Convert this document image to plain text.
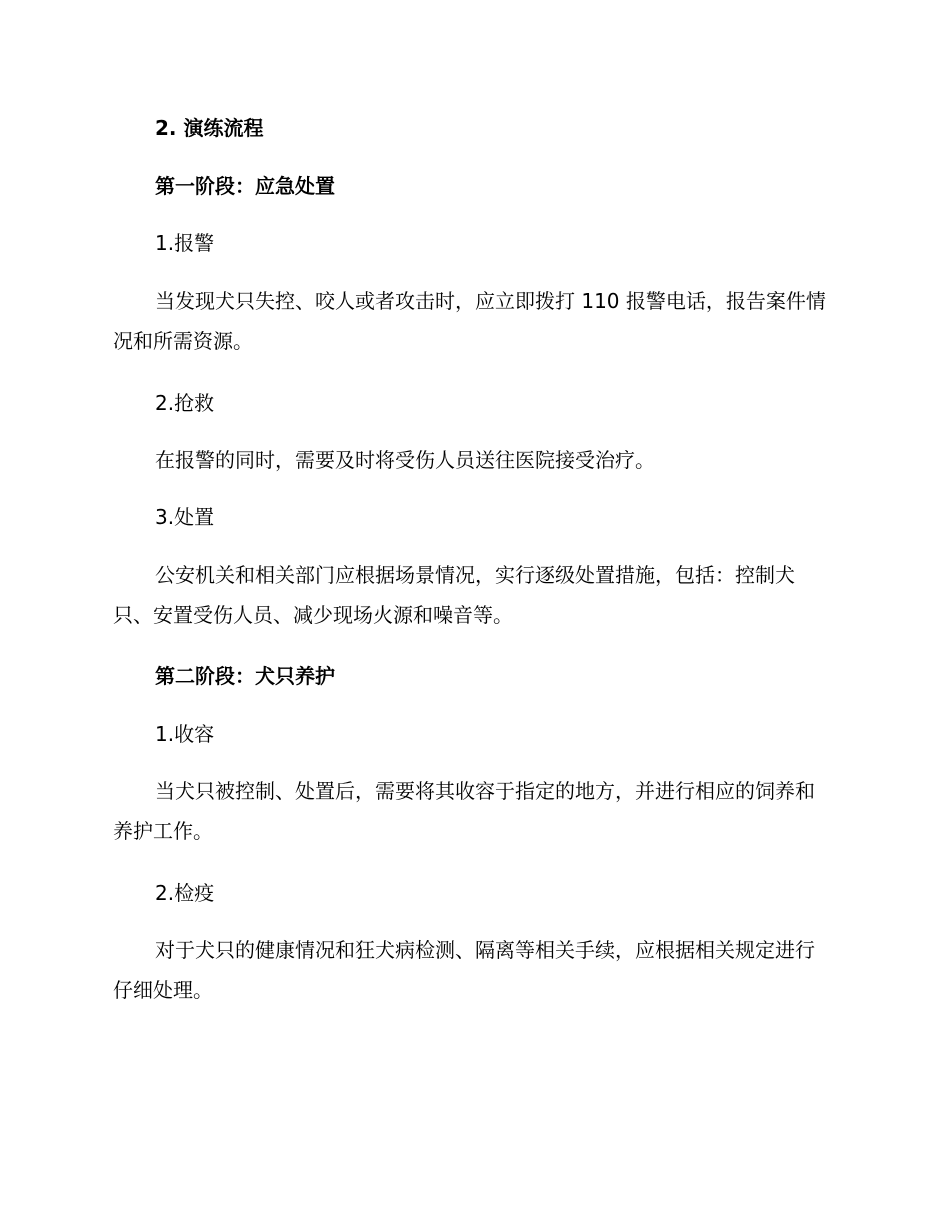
2. 演练流程

第一阶段：应急处置

1.报警

当发现犬只失控、咬人或者攻击时，应立即拨打 110 报警电话，报告案件情况和所需资源。

2.抢救

在报警的同时，需要及时将受伤人员送往医院接受治疗。

3.处置

公安机关和相关部门应根据场景情况，实行逐级处置措施，包括：控制犬只、安置受伤人员、减少现场火源和噪音等。

第二阶段：犬只养护

1.收容

当犬只被控制、处置后，需要将其收容于指定的地方，并进行相应的饲养和养护工作。

2.检疫

对于犬只的健康情况和狂犬病检测、隔离等相关手续，应根据相关规定进行仔细处理。
